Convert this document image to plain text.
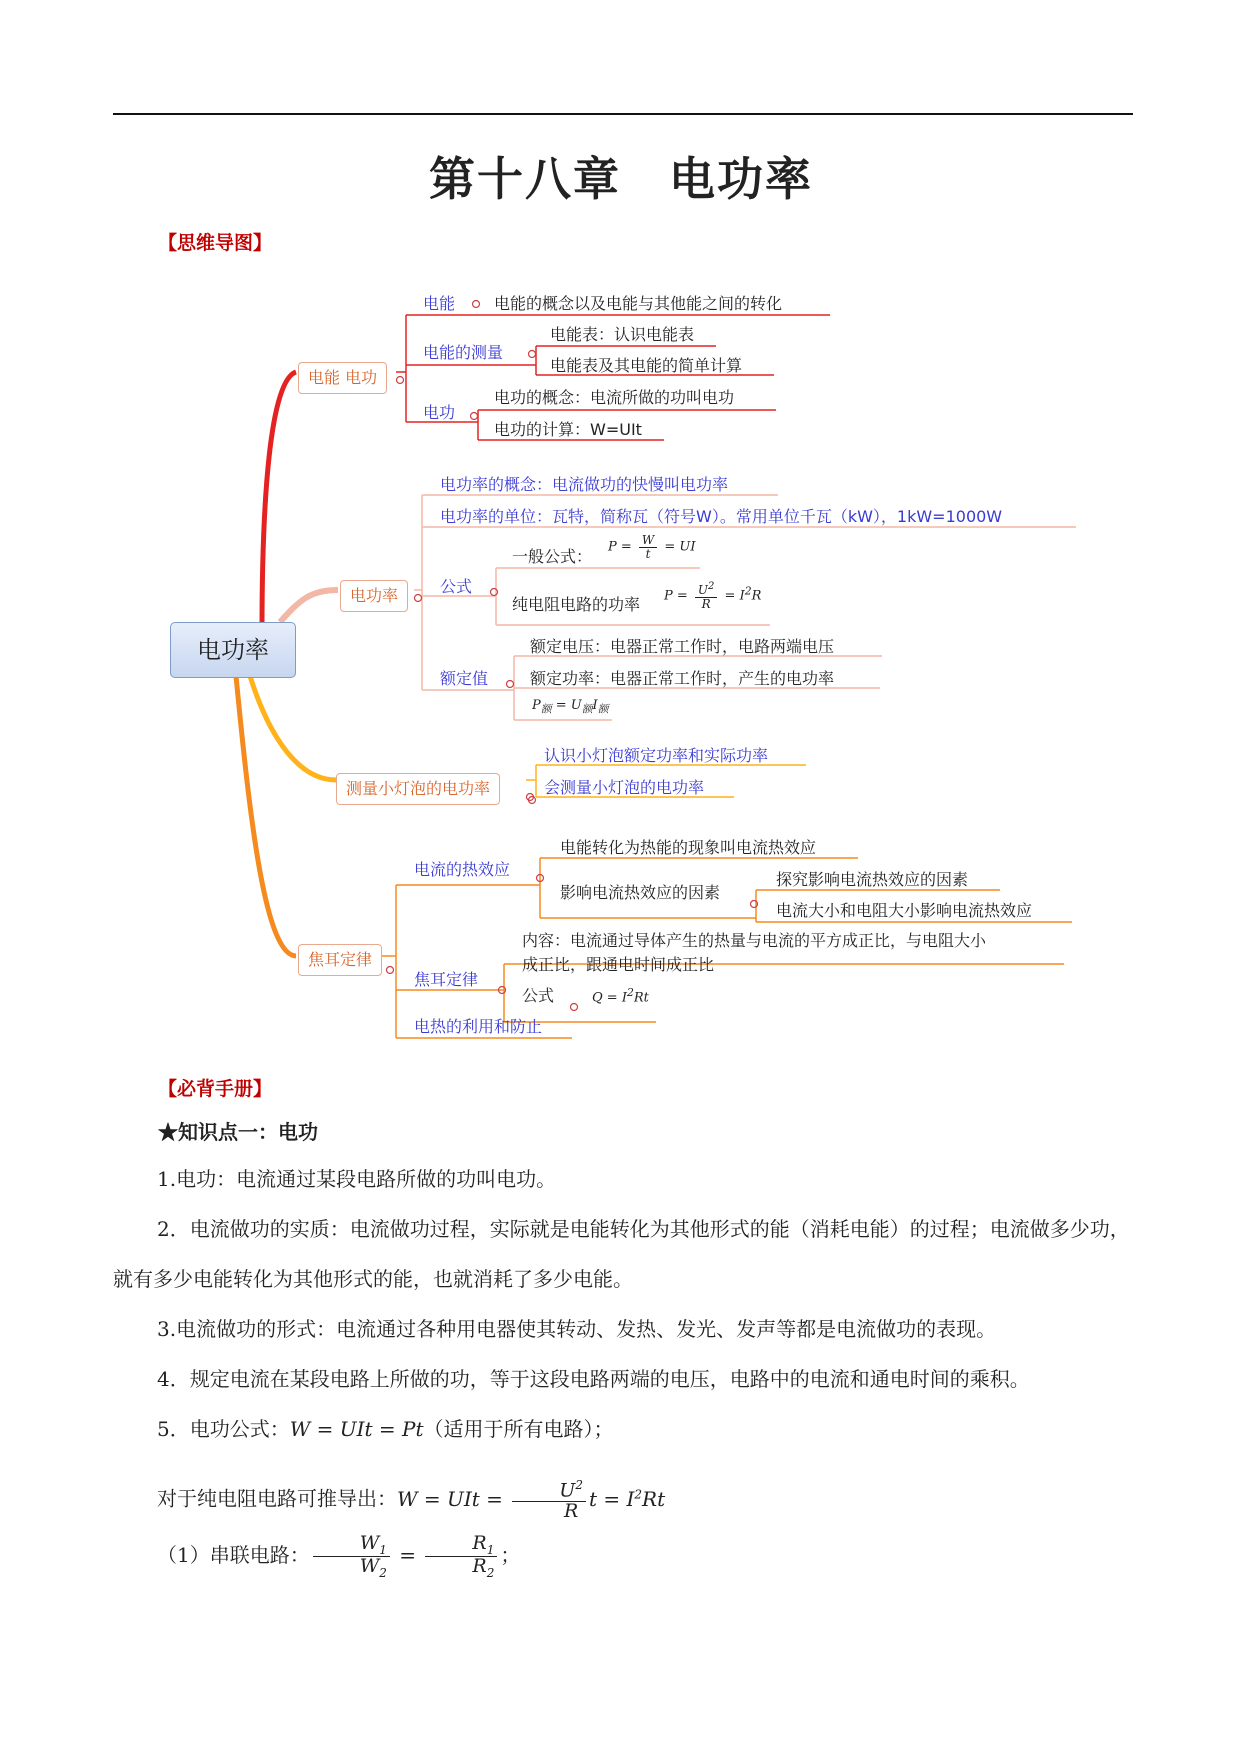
第十八章　电功率
【思维导图】
电功率
电能 电功
电功率
测量小灯泡的电功率
焦耳定律
电能 电能的概念以及电能与其他能之间的转化
电能的测量
电能表：认识电能表
电能表及其电能的简单计算
电功
电功的概念：电流所做的功叫电功
电功的计算：W=UIt
电功率的概念：电流做功的快慢叫电功率
电功率的单位：瓦特，简称瓦（符号W）。常用单位千瓦（kW），1kW=1000W
公式
一般公式： $P = \frac{W}{t}$ = UI
纯电阻电路的功率 $P = \frac{U^2}{R} = I^2R$
额定值
额定电压：电器正常工作时，电路两端电压
额定功率：电器正常工作时，产生的电功率
$P_额 = U_额I_额$
认识小灯泡额定功率和实际功率
会测量小灯泡的电功率
电流的热效应
电能转化为热能的现象叫电流热效应
影响电流热效应的因素
探究影响电流热效应的因素
电流大小和电阻大小影响电流热效应
焦耳定律
内容：电流通过导体产生的热量与电流的平方成正比，与电阻大小
成正比，跟通电时间成正比
公式	$Q = I^2Rt$
电热的利用和防止
【必背手册】
★知识点一：电功
1.电功：电流通过某段电路所做的功叫电功。
2．电流做功的实质：电流做功过程，实际就是电能转化为其他形式的能（消耗电能）的过程；电流做多少功，就有多少电能转化为其他形式的能，也就消耗了多少电能。
3.电流做功的形式：电流通过各种用电器使其转动、发热、发光、发声等都是电流做功的表现。
4．规定电流在某段电路上所做的功，等于这段电路两端的电压，电路中的电流和通电时间的乘积。
5．电功公式：W = UIt = Pt（适用于所有电路）；
对于纯电阻电路可推导出：W = UIt = $\frac{U^2}{R}$ $t = I^2Rt$
（1）串联电路： $\frac{W_1}{W_2} = \frac{R_1}{R_2}$ ；
